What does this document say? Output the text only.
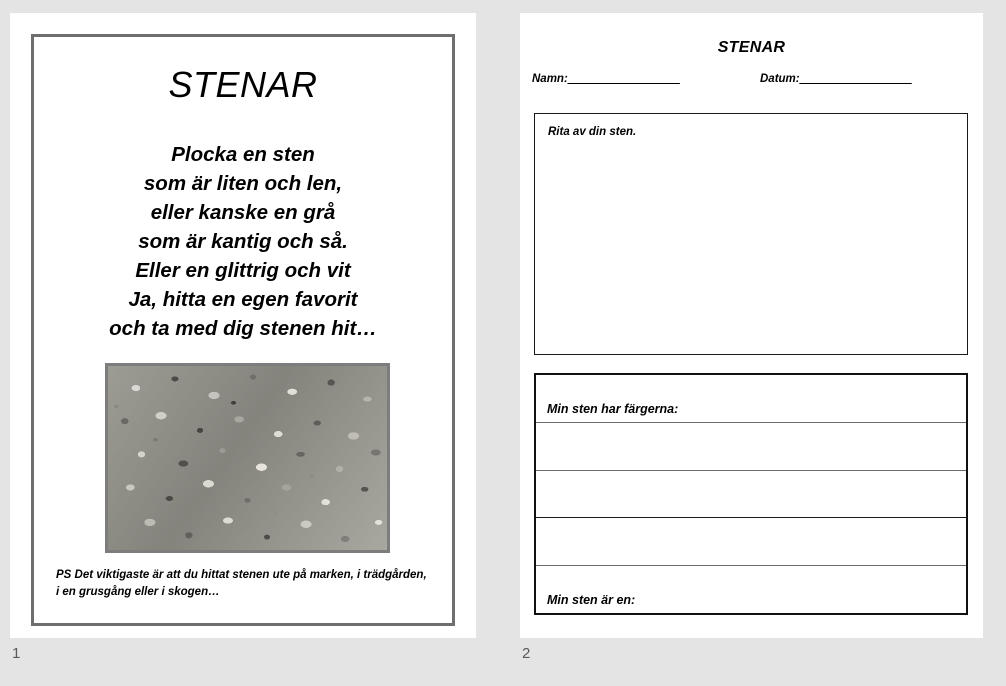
STENAR
Plocka en sten
som är liten och len,
eller kanske en grå
som är kantig och så.
Eller en glittrig och vit
Ja, hitta en egen favorit
och ta med dig stenen hit…
PS Det viktigaste är att du hittat stenen ute på marken, i trädgården, i en grusgång eller i skogen…
1
STENAR
Namn:___________________	Datum:___________________
Rita av din sten.
Min sten har färgerna:
Min sten är en:
2
